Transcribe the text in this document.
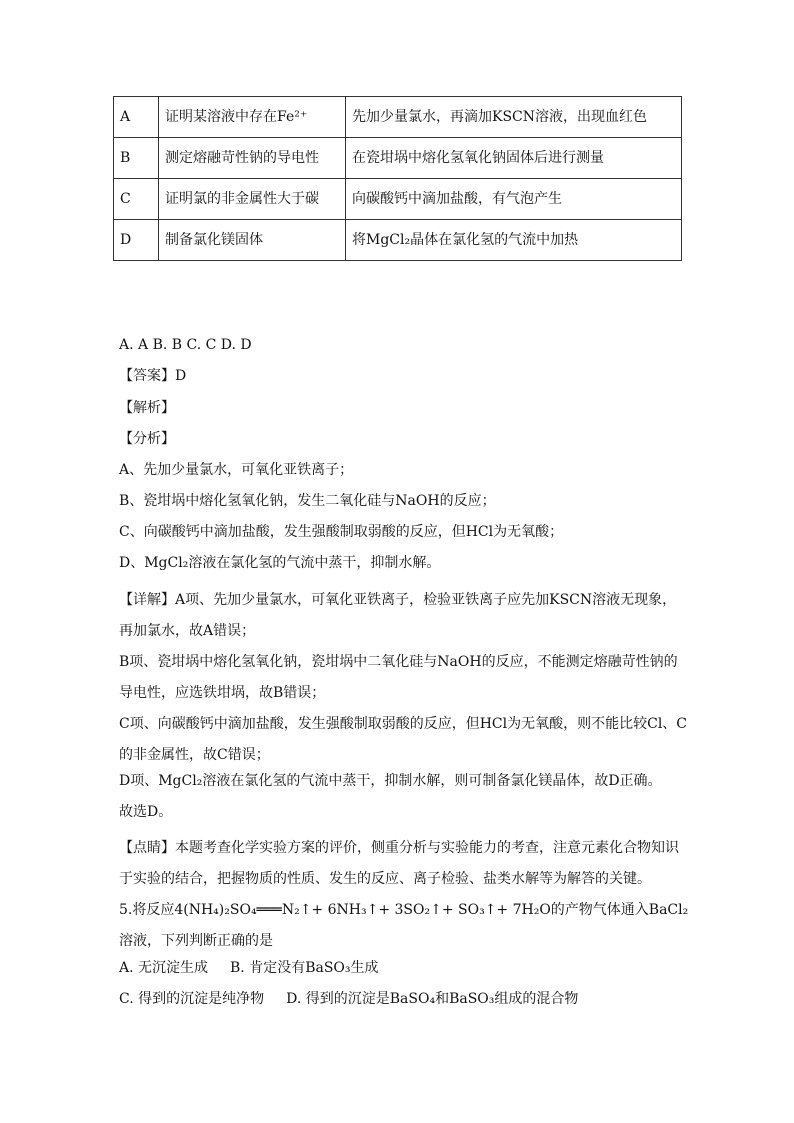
A	证明某溶液中存在Fe²⁺	先加少量氯水，再滴加KSCN溶液，出现血红色
B	测定熔融苛性钠的导电性	在瓷坩埚中熔化氢氧化钠固体后进行测量
C	证明氯的非金属性大于碳	向碳酸钙中滴加盐酸，有气泡产生
D	制备氯化镁固体	将MgCl₂晶体在氯化氢的气流中加热
A. A B. B C. C D. D
【答案】D
【解析】
【分析】
A、先加少量氯水，可氧化亚铁离子；
B、瓷坩埚中熔化氢氧化钠，发生二氧化硅与NaOH的反应；
C、向碳酸钙中滴加盐酸，发生强酸制取弱酸的反应，但HCl为无氧酸；
D、MgCl₂溶液在氯化氢的气流中蒸干，抑制水解。
【详解】A项、先加少量氯水，可氧化亚铁离子，检验亚铁离子应先加KSCN溶液无现象，再加氯水，故A错误；
B项、瓷坩埚中熔化氢氧化钠，瓷坩埚中二氧化硅与NaOH的反应，不能测定熔融苛性钠的导电性，应选铁坩埚，故B错误；
C项、向碳酸钙中滴加盐酸，发生强酸制取弱酸的反应，但HCl为无氧酸，则不能比较Cl、C的非金属性，故C错误；
D项、MgCl₂溶液在氯化氢的气流中蒸干，抑制水解，则可制备氯化镁晶体，故D正确。
故选D。
【点睛】本题考查化学实验方案的评价，侧重分析与实验能力的考查，注意元素化合物知识于实验的结合，把握物质的性质、发生的反应、离子检验、盐类水解等为解答的关键。
5.将反应4(NH₄)₂SO₄═══N₂↑+ 6NH₃↑+ 3SO₂↑+ SO₃↑+ 7H₂O的产物气体通入BaCl₂溶液，下列判断正确的是
A. 无沉淀生成 B. 肯定没有BaSO₃生成
C. 得到的沉淀是纯净物 D. 得到的沉淀是BaSO₄和BaSO₃组成的混合物
